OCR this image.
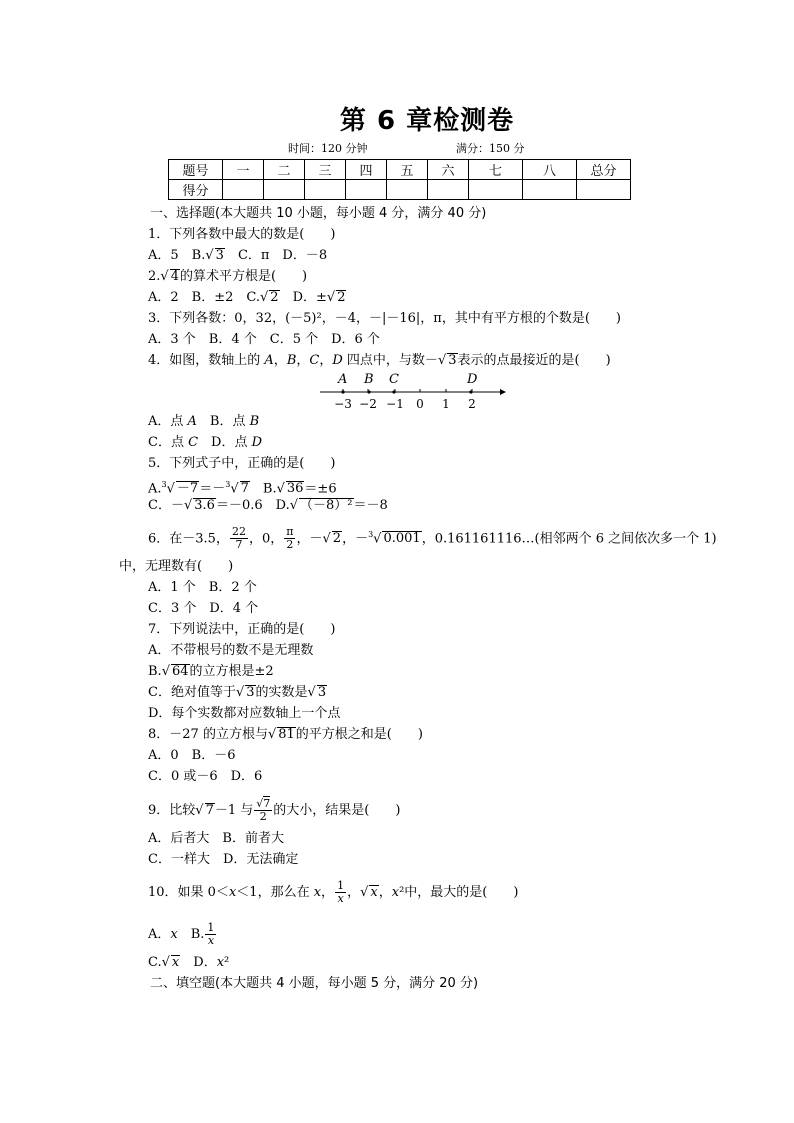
第 6 章检测卷
时间：120 分钟	满分：150 分
题号	一	二	三	四	五	六	七	八	总分
得分									
一、选择题(本大题共 10 小题，每小题 4 分，满分 40 分)
1．下列各数中最大的数是(　　)
A．5　B.√ 3　C．π　D．－8
2.√ 4的算术平方根是(　　)
A．2　B．±2　C.√ 2　D．±√ 2
3．下列各数：0，32，(－5)²，－4，－|－16|，π，其中有平方根的个数是(　　)
A．3 个　B．4 个　C．5 个　D．6 个
4．如图，数轴上的 A，B，C，D 四点中，与数－√ 3表示的点最接近的是(　　)
A B C	D
−3 −2 −1 0 1 2
A．点 A　B．点 B
C．点 C　D．点 D
5．下列式子中，正确的是(　　)
A.$^3$√ －7＝－$^3$√ 7　B.√ 36＝±6
C．－√ 3.6＝－0.6　D.√ （－8）²＝－8
6．在－3.5， $\frac{22}{7}$ ，0， $\frac{\pi}{2}$ ，－√ 2，－$^3$√ 0.001，0.161161116…(相邻两个 6 之间依次多一个 1)
中，无理数有(　　)
A．1 个　B．2 个
C．3 个　D．4 个
7．下列说法中，正确的是(　　)
A．不带根号的数不是无理数
B.√ 64的立方根是±2
C．绝对值等于√ 3的实数是√ 3
D．每个实数都对应数轴上一个点
8．－27 的立方根与√ 81的平方根之和是(　　)
A．0　B．－6
C．0 或－6　D．6
9．比较√ 7－1 与 $\frac{√7}{2}$ 的大小，结果是(　　)
A．后者大　B．前者大
C．一样大　D．无法确定
10．如果 0＜x＜1，那么在 x， $\frac{1}{x}$ ，√ x，x²中，最大的是(　　)
A．x　B. $\frac{1}{x}$
C.√ x　D．x²
二、填空题(本大题共 4 小题，每小题 5 分，满分 20 分)
